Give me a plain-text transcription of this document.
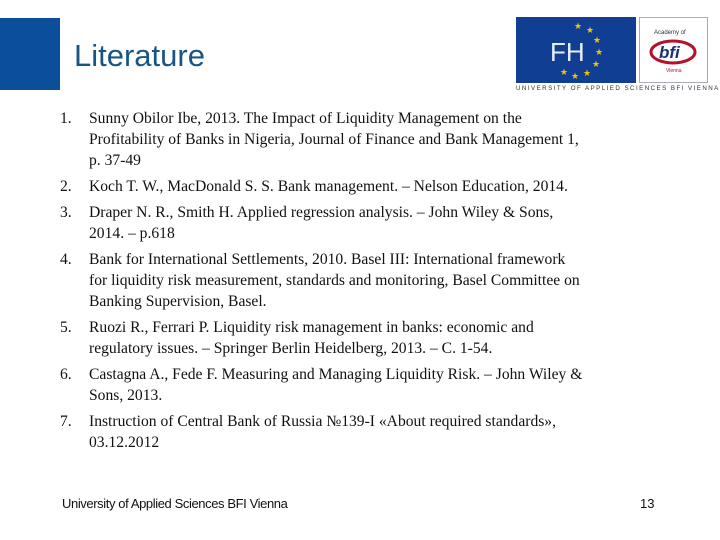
Literature
★ ★
★
★
★
★
★
★
FH
Academy of
bfi
Vienna
UNIVERSITY OF APPLIED SCIENCES BFI VIENNA
1.	Sunny Obilor Ibe, 2013. The Impact of Liquidity Management on the
Profitability of Banks in Nigeria, Journal of Finance and Bank Management 1,
p. 37-49
2.	Koch T. W., MacDonald S. S. Bank management. – Nelson Education, 2014.
3.	Draper N. R., Smith H. Applied regression analysis. – John Wiley & Sons,
2014. – p.618
4.	Bank for International Settlements, 2010. Basel III: International framework
for liquidity risk measurement, standards and monitoring, Basel Committee on
Banking Supervision, Basel.
5.	Ruozi R., Ferrari P. Liquidity risk management in banks: economic and
regulatory issues. – Springer Berlin Heidelberg, 2013. – С. 1-54.
6.	Castagna A., Fede F. Measuring and Managing Liquidity Risk. – John Wiley &
Sons, 2013.
7.	Instruction of Central Bank of Russia №139-I «About required standards»,
03.12.2012
University of Applied Sciences BFI Vienna	13
